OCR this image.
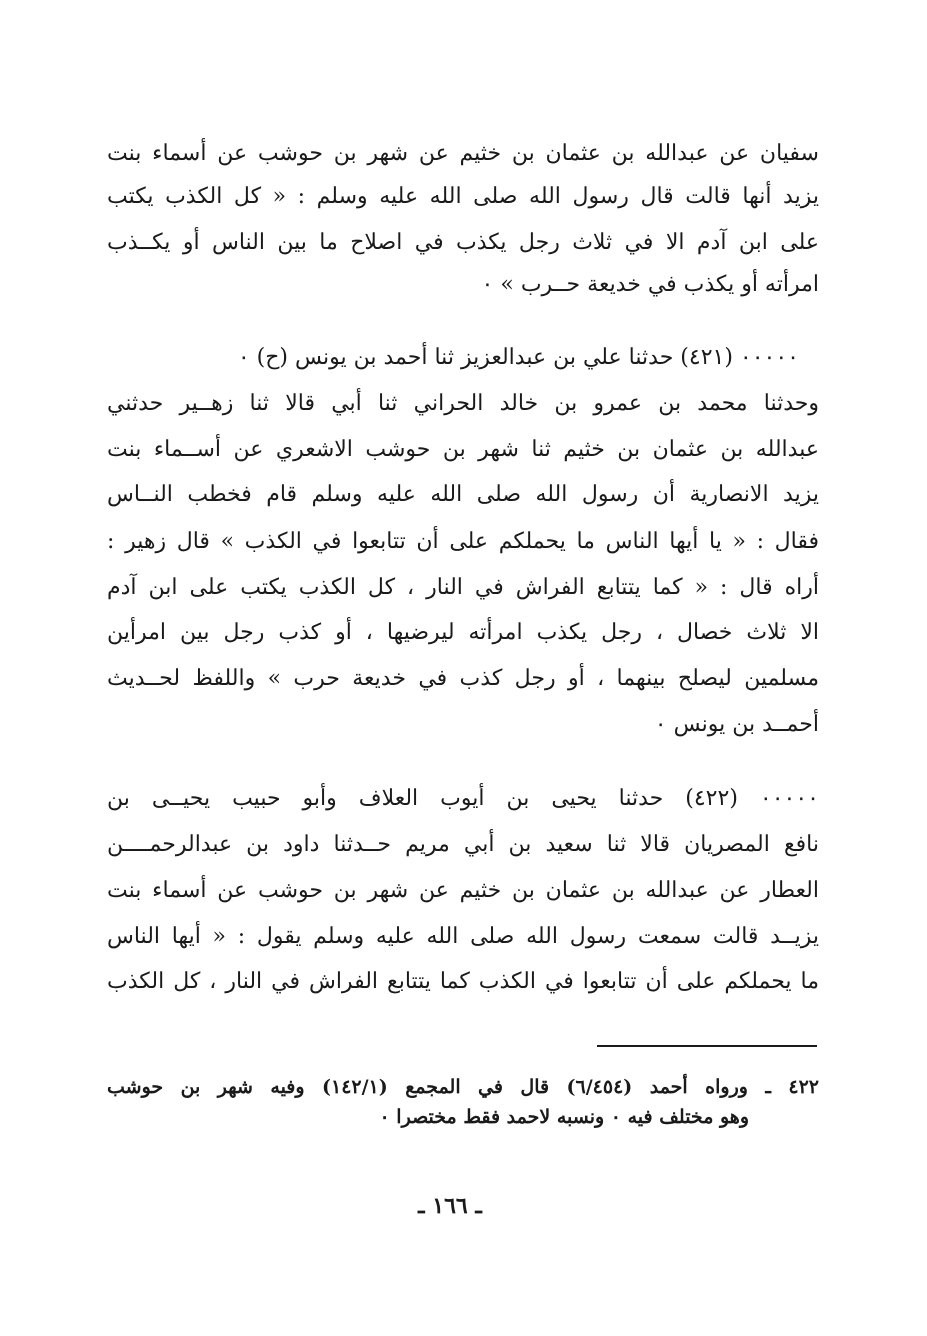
سفيان عن عبدالله بن عثمان بن خثيم عن شهر بن حوشب عن أسماء بنت
يزيد أنها قالت قال رسول الله صلى الله عليه وسلم : « كل الكذب يكتب
على ابن آدم الا في ثلاث رجل يكذب في اصلاح ما بين الناس أو يكــذب
امرأته أو يكذب في خديعة حــرب » ٠
٠٠٠٠٠ (٤٢١) حدثنا علي بن عبدالعزيز ثنا أحمد بن يونس (ح) ٠
وحدثنا محمد بن عمرو بن خالد الحراني ثنا أبي قالا ثنا زهــير حدثني
عبدالله بن عثمان بن خثيم ثنا شهر بن حوشب الاشعري عن أســماء بنت
يزيد الانصارية أن رسول الله صلى الله عليه وسلم قام فخطب النــاس
فقال : « يا أيها الناس ما يحملكم على أن تتابعوا في الكذب » قال زهير :
أراه قال : « كما يتتابع الفراش في النار ، كل الكذب يكتب على ابن آدم
الا ثلاث خصال ، رجل يكذب امرأته ليرضيها ، أو كذب رجل بين امرأين
مسلمين ليصلح بينهما ، أو رجل كذب في خديعة حرب » واللفظ لحــديث
أحمــد بن يونس ٠
٠٠٠٠٠ (٤٢٢) حدثنا يحيى بن أيوب العلاف وأبو حبيب يحيــى بن
نافع المصريان قالا ثنا سعيد بن أبي مريم حــدثنا داود بن عبدالرحمــــن
العطار عن عبدالله بن عثمان بن خثيم عن شهر بن حوشب عن أسماء بنت
يزيــد قالت سمعت رسول الله صلى الله عليه وسلم يقول : « أيها الناس
ما يحملكم على أن تتابعوا في الكذب كما يتتابع الفراش في النار ، كل الكذب
٤٢٢ ـ ورواه أحمد (٦/٤٥٤) قال في المجمع (١٤٢/١) وفيه شهر بن حوشب
وهو مختلف فيه ٠ ونسبه لاحمد فقط مختصرا ٠
ـ ١٦٦ ـ
